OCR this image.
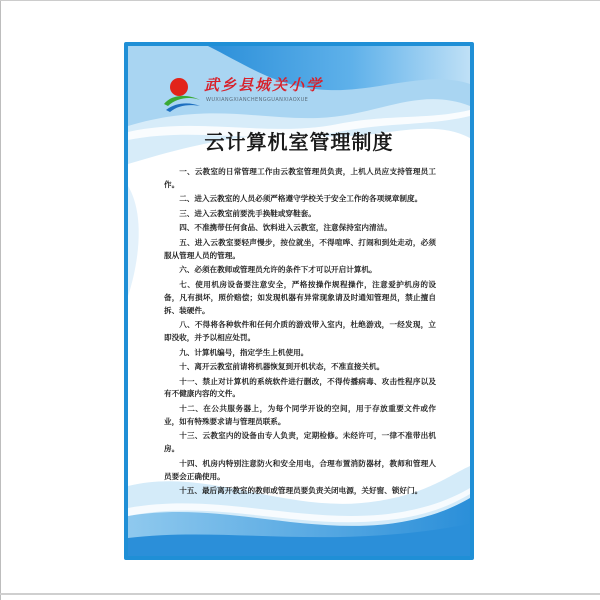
武乡县城关小学
WUXIANGXIANCHENGGUANXIAOXUE
云计算机室管理制度
一、云教室的日常管理工作由云教室管理员负责，上机人员应支持管理员工作。
二、进入云教室的人员必须严格遵守学校关于安全工作的各项规章制度。
三、进入云教室前要洗手换鞋或穿鞋套。
四、不准携带任何食品、饮料进入云教室，注意保持室内清洁。
五、进入云教室要轻声慢步，按位就坐，不得喧哗、打闹和到处走动，必须服从管理人员的管理。
六、必须在教师或管理员允许的条件下才可以开启计算机。
七、使用机房设备要注意安全，严格按操作规程操作，注意爱护机房的设备，凡有损坏，照价赔偿；如发现机器有异常现象请及时通知管理员，禁止擅自拆、装硬件。
八、不得将各种软件和任何介质的游戏带入室内，杜绝游戏，一经发现，立即没收，并予以相应处罚。
九、计算机编号，指定学生上机使用。
十、离开云教室前请将机器恢复到开机状态，不准直接关机。
十一、禁止对计算机的系统软件进行删改，不得传播病毒、攻击性程序以及有不健康内容的文件。
十二、在公共服务器上，为每个同学开设的空间，用于存放重要文件或作业，如有特殊要求请与管理员联系。
十三、云教室内的设备由专人负责，定期检修。未经许可，一律不准带出机房。
十四、机房内特别注意防火和安全用电，合理布置消防器材，教师和管理人员要会正确使用。
十五、最后离开教室的教师或管理员要负责关闭电源，关好窗、锁好门。
